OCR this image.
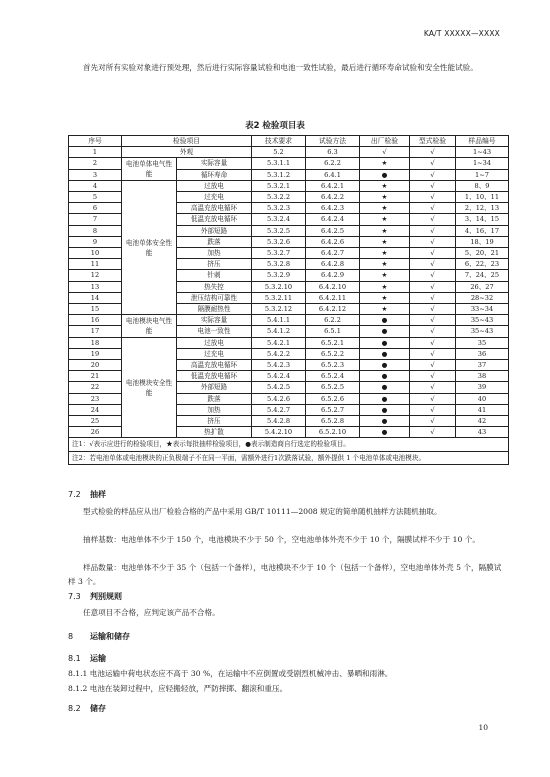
KA/T XXXXX—XXXX

首先对所有实验对象进行预处理，然后进行实际容量试验和电池一致性试验，最后进行循环寿命试验和安全性能试验。

表2 检验项目表
序号	检验项目		技术要求	试验方法	出厂检验	型式检验	样品编号
1	外观		5.2	6.3	√	√	1~43
2	电池单体电气性能	实际容量	5.3.1.1	6.2.2	★	√	1~34
3		循环寿命	5.3.1.2	6.4.1	●	√	1~7
4	电池单体安全性能	过放电	5.3.2.1	6.4.2.1	★	√	8、9
5		过充电	5.3.2.2	6.4.2.2	★	√	1、10、11
6		高温充放电循环	5.3.2.3	6.4.2.3	★	√	2、12、13
7		低温充放电循环	5.3.2.4	6.4.2.4	★	√	3、14、15
8		外部短路	5.3.2.5	6.4.2.5	★	√	4、16、17
9		跌落	5.3.2.6	6.4.2.6	★	√	18、19
10		加热	5.3.2.7	6.4.2.7	★	√	5、20、21
11		挤压	5.3.2.8	6.4.2.8	★	√	6、22、23
12		针刺	5.3.2.9	6.4.2.9	★	√	7、24、25
13		热失控	5.3.2.10	6.4.2.10	★	√	26、27
14		泄压结构可靠性	5.3.2.11	6.4.2.11	★	√	28~32
15		隔膜耐热性	5.3.2.12	6.4.2.12	★	√	33~34
16	电池模块电气性能	实际容量	5.4.1.1	6.2.2	●	√	35~43
17		电池一致性	5.4.1.2	6.5.1	●	√	35~43
18	电池模块安全性能	过放电	5.4.2.1	6.5.2.1	●	√	35
19		过充电	5.4.2.2	6.5.2.2	●	√	36
20		高温充放电循环	5.4.2.3	6.5.2.3	●	√	37
21		低温充放电循环	5.4.2.4	6.5.2.4	●	√	38
22		外部短路	5.4.2.5	6.5.2.5	●	√	39
23		跌落	5.4.2.6	6.5.2.6	●	√	40
24		加热	5.4.2.7	6.5.2.7	●	√	41
25		挤压	5.4.2.8	6.5.2.8	●	√	42
26		热扩散	5.4.2.10	6.5.2.10	●	√	43
注1：√表示应进行的检验项目，★表示每批抽样检验项目，●表示制造商自行选定的检验项目。							
注2：若电池单体或电池模块的正负极端子不在同一平面，需额外进行1次跌落试验，额外提供 1 个电池单体或电池模块。							
7.2 抽样

型式检验的样品应从出厂检验合格的产品中采用 GB/T 10111—2008 规定的简单随机抽样方法随机抽取。

抽样基数：电池单体不少于 150 个，电池模块不少于 50 个，空电池单体外壳不少于 10 个，隔膜试样不少于 10 个。

样品数量：电池单体不少于 35 个（包括一个备样），电池模块不少于 10 个（包括一个备样），空电池单体外壳 5 个，隔膜试样 3 个。

7.3 判别规则

任意项目不合格，应判定该产品不合格。

8 运输和储存
8.1 运输

8.1.1 电池运输中荷电状态应不高于 30 %，在运输中不应倒置或受剧烈机械冲击、暴晒和雨淋。

8.1.2 电池在装卸过程中，应轻搬轻放，严防摔掷、翻滚和重压。

8.2 储存
10
